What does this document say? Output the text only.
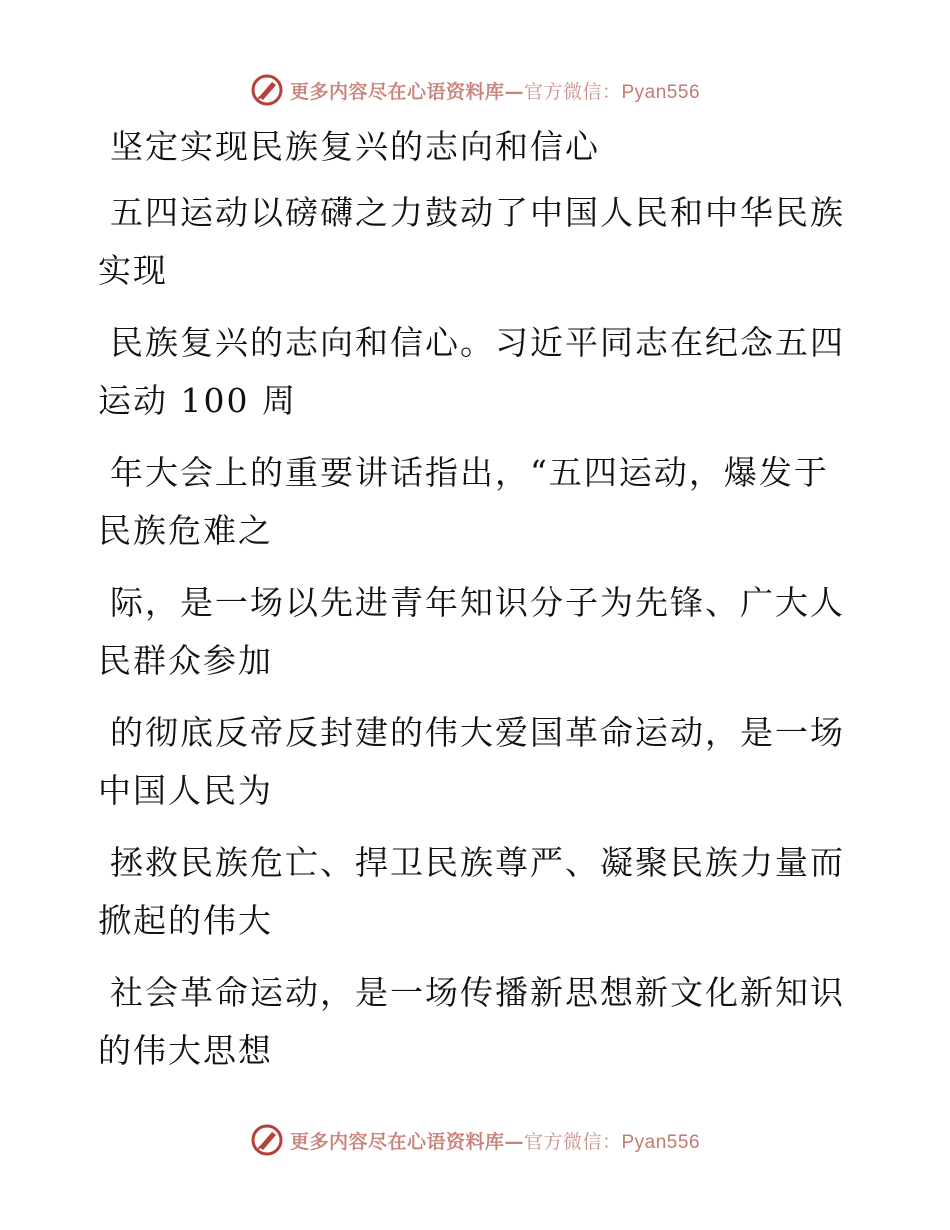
更多内容尽在心语资料库—官方微信：Pyan556
坚定实现民族复兴的志向和信心
五四运动以磅礴之力鼓动了中国人民和中华民族
实现
民族复兴的志向和信心。习近平同志在纪念五四
运动 100 周
年大会上的重要讲话指出，“五四运动，爆发于
民族危难之
际，是一场以先进青年知识分子为先锋、广大人
民群众参加
的彻底反帝反封建的伟大爱国革命运动，是一场
中国人民为
拯救民族危亡、捍卫民族尊严、凝聚民族力量而
掀起的伟大
社会革命运动，是一场传播新思想新文化新知识
的伟大思想
更多内容尽在心语资料库—官方微信：Pyan556
